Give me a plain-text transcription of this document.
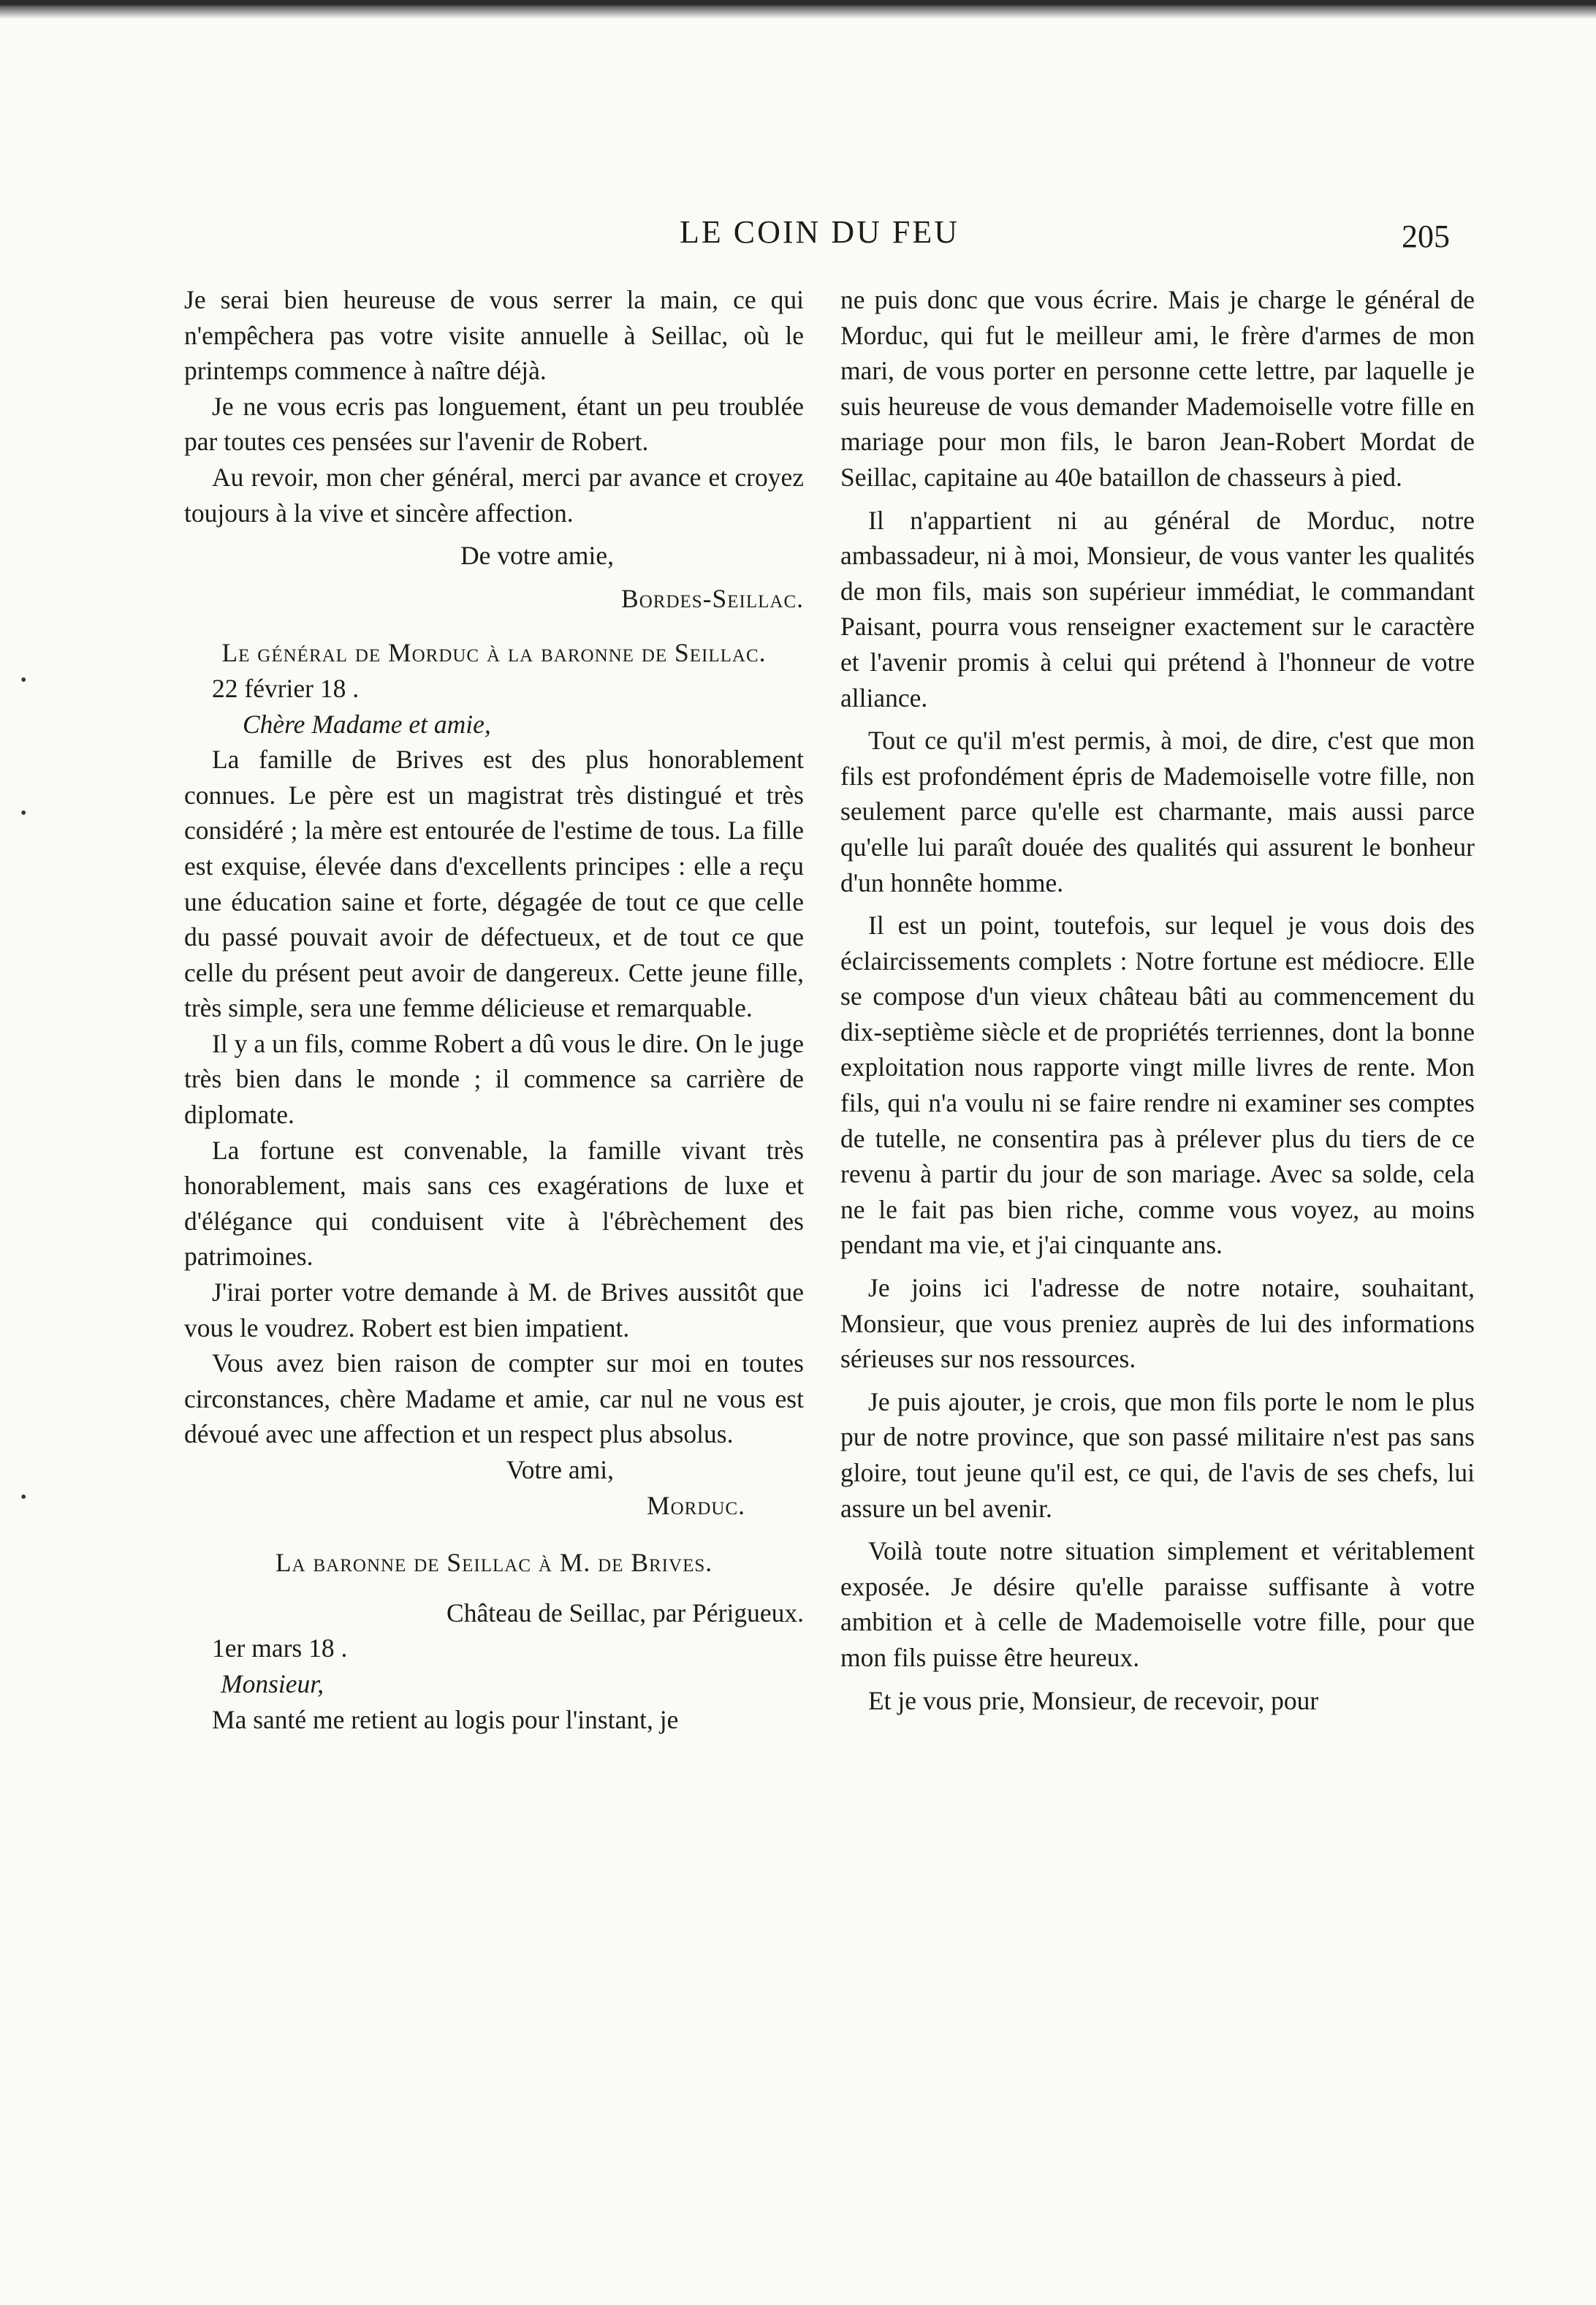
LE COIN DU FEU	205

Je serai bien heureuse de vous serrer la main, ce qui n'empêchera pas votre visite annuelle à Seillac, où le printemps commence à naître déjà.

Je ne vous ecris pas longuement, étant un peu troublée par toutes ces pensées sur l'avenir de Robert.

Au revoir, mon cher général, merci par avance et croyez toujours à la vive et sincère affection.

De votre amie,

Bordes-Seillac.

Le général de Morduc à la baronne de Seillac.

22 février 18 .

Chère Madame et amie,

La famille de Brives est des plus honorablement connues. Le père est un magistrat très distingué et très considéré ; la mère est entourée de l'estime de tous. La fille est exquise, élevée dans d'excellents principes : elle a reçu une éducation saine et forte, dégagée de tout ce que celle du passé pouvait avoir de défectueux, et de tout ce que celle du présent peut avoir de dangereux. Cette jeune fille, très simple, sera une femme délicieuse et remarquable.

Il y a un fils, comme Robert a dû vous le dire. On le juge très bien dans le monde ; il commence sa carrière de diplomate.

La fortune est convenable, la famille vivant très honorablement, mais sans ces exagérations de luxe et d'élégance qui conduisent vite à l'ébrèchement des patrimoines.

J'irai porter votre demande à M. de Brives aussitôt que vous le voudrez. Robert est bien impatient.

Vous avez bien raison de compter sur moi en toutes circonstances, chère Madame et amie, car nul ne vous est dévoué avec une affection et un respect plus absolus.

Votre ami,

Morduc.

La baronne de Seillac à M. de Brives.

Château de Seillac, par Périgueux.

1er mars 18 .

Monsieur,

Ma santé me retient au logis pour l'instant, je

ne puis donc que vous écrire. Mais je charge le général de Morduc, qui fut le meilleur ami, le frère d'armes de mon mari, de vous porter en personne cette lettre, par laquelle je suis heureuse de vous demander Mademoiselle votre fille en mariage pour mon fils, le baron Jean-Robert Mordat de Seillac, capitaine au 40e bataillon de chasseurs à pied.

Il n'appartient ni au général de Morduc, notre ambassadeur, ni à moi, Monsieur, de vous vanter les qualités de mon fils, mais son supérieur immédiat, le commandant Paisant, pourra vous renseigner exactement sur le caractère et l'avenir promis à celui qui prétend à l'honneur de votre alliance.

Tout ce qu'il m'est permis, à moi, de dire, c'est que mon fils est profondément épris de Mademoiselle votre fille, non seulement parce qu'elle est charmante, mais aussi parce qu'elle lui paraît douée des qualités qui assurent le bonheur d'un honnête homme.

Il est un point, toutefois, sur lequel je vous dois des éclaircissements complets : Notre fortune est médiocre. Elle se compose d'un vieux château bâti au commencement du dix-septième siècle et de propriétés terriennes, dont la bonne exploitation nous rapporte vingt mille livres de rente. Mon fils, qui n'a voulu ni se faire rendre ni examiner ses comptes de tutelle, ne consentira pas à prélever plus du tiers de ce revenu à partir du jour de son mariage. Avec sa solde, cela ne le fait pas bien riche, comme vous voyez, au moins pendant ma vie, et j'ai cinquante ans.

Je joins ici l'adresse de notre notaire, souhaitant, Monsieur, que vous preniez auprès de lui des informations sérieuses sur nos ressources.

Je puis ajouter, je crois, que mon fils porte le nom le plus pur de notre province, que son passé militaire n'est pas sans gloire, tout jeune qu'il est, ce qui, de l'avis de ses chefs, lui assure un bel avenir.

Voilà toute notre situation simplement et véritablement exposée. Je désire qu'elle paraisse suffisante à votre ambition et à celle de Mademoiselle votre fille, pour que mon fils puisse être heureux.

Et je vous prie, Monsieur, de recevoir, pour

•
•
•
